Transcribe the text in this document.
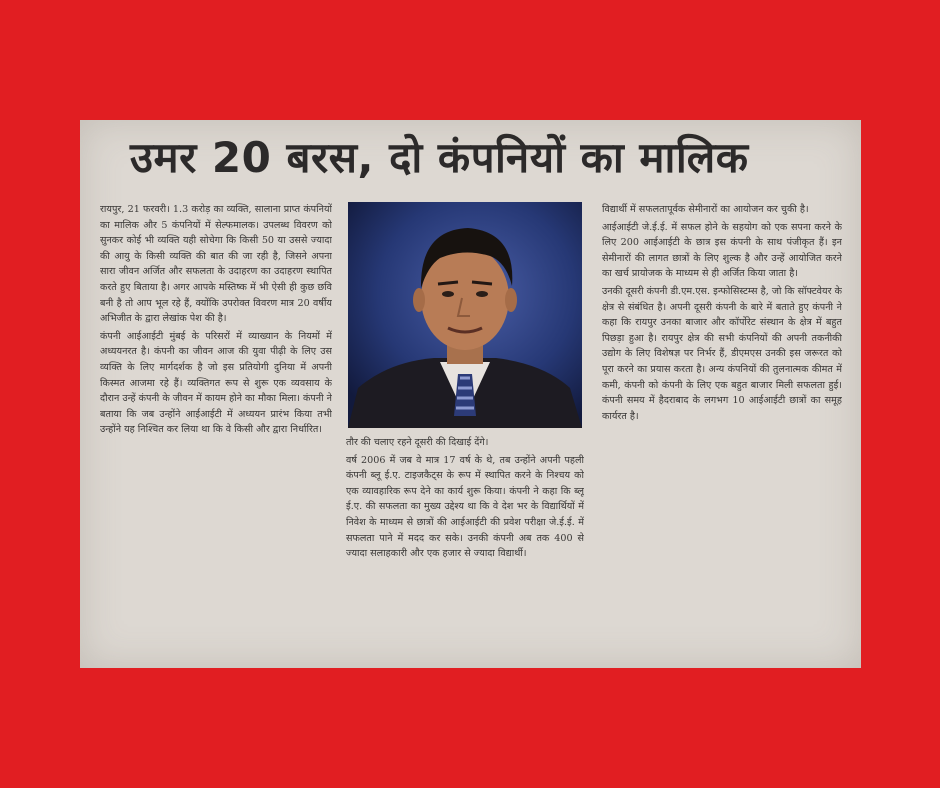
उमर 20 बरस, दो कंपनियों का मालिक

रायपुर, 21 फरवरी। 1.3 करोड़ का व्यक्ति, सालाना प्राप्त कंपनियों का मालिक और 5 कंपनियों में सेल्फमालक। उपलब्ध विवरण को सुनकर कोई भी व्यक्ति यही सोचेगा कि किसी 50 या उससे ज्यादा की आयु के किसी व्यक्ति की बात की जा रही है, जिसने अपना सारा जीवन अर्जित और सफलता के उदाहरण का उदाहरण स्थापित करते हुए बिताया है। अगर आपके मस्तिष्क में भी ऐसी ही कुछ छवि बनी है तो आप भूल रहे हैं, क्योंकि उपरोक्त विवरण मात्र 20 वर्षीय अभिजीत के द्वारा लेखांक पेश की है।

कंपनी आईआईटी मुंबई के परिसरों में व्याख्यान के नियमों में अध्ययनरत है। कंपनी का जीवन आज की युवा पीढ़ी के लिए उस व्यक्ति के लिए मार्गदर्शक है जो इस प्रतियोगी दुनिया में अपनी किस्मत आजमा रहे हैं। व्यक्तिगत रूप से शुरू एक व्यवसाय के दौरान उन्हें कंपनी के जीवन में कायम होने का मौका मिला। कंपनी ने बताया कि जब उन्होंने आईआईटी में अध्ययन प्रारंभ किया तभी उन्होंने यह निश्चित कर लिया था कि वे किसी और द्वारा निर्धारित।

तौर की चलाए रहने दूसरी की दिखाई देंगे।

वर्ष 2006 में जब वे मात्र 17 वर्ष के थे, तब उन्होंने अपनी पहली कंपनी ब्लू ई.ए. टाइजकैट्स के रूप में स्थापित करने के निश्चय को एक व्यावहारिक रूप देने का कार्य शुरू किया। कंपनी ने कहा कि ब्लू ई.ए. की सफलता का मुख्य उद्देश्य था कि वे देश भर के विद्यार्थियों में निवेश के माध्यम से छात्रों की आईआईटी की प्रवेश परीक्षा जे.ई.ई. में सफलता पाने में मदद कर सके। उनकी कंपनी अब तक 400 से ज्यादा सलाहकारी और एक हजार से ज्यादा विद्यार्थी।

विद्यार्थी में सफलतापूर्वक सेमीनारों का आयोजन कर चुकी है।

आईआईटी जे.ई.ई. में सफल होने के सहयोग को एक सपना करने के लिए 200 आईआईटी के छात्र इस कंपनी के साथ पंजीकृत हैं। इन सेमीनारों की लागत छात्रों के लिए शुल्क है और उन्हें आयोजित करने का खर्च प्रायोजक के माध्यम से ही अर्जित किया जाता है।

उनकी दूसरी कंपनी डी.एम.एस. इन्फोसिस्टम्स है, जो कि सॉफ्टवेयर के क्षेत्र से संबंधित है। अपनी दूसरी कंपनी के बारे में बताते हुए कंपनी ने कहा कि रायपुर उनका बाजार और कॉर्पोरेट संस्थान के क्षेत्र में बहुत पिछड़ा हुआ है। रायपुर क्षेत्र की सभी कंपनियों की अपनी तकनीकी उद्योग के लिए विशेषज्ञ पर निर्भर हैं, डीएमएस उनकी इस जरूरत को पूरा करने का प्रयास करता है। अन्य कंपनियों की तुलनात्मक कीमत में कमी, कंपनी को कंपनी के लिए एक बहुत बाजार मिली सफलता हुई। कंपनी समय में हैदराबाद के लगभग 10 आईआईटी छात्रों का समूह कार्यरत है।
